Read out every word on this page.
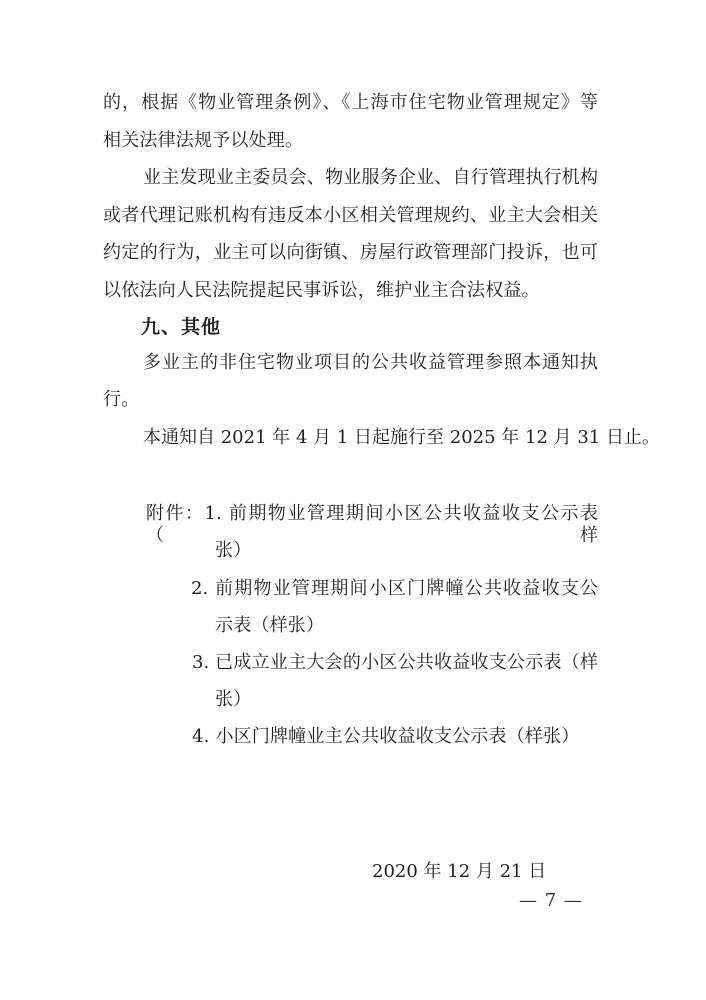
的，根据《物业管理条例》、《上海市住宅物业管理规定》等
相关法律法规予以处理。
业主发现业主委员会、物业服务企业、自行管理执行机构
或者代理记账机构有违反本小区相关管理规约、业主大会相关
约定的行为，业主可以向街镇、房屋行政管理部门投诉，也可
以依法向人民法院提起民事诉讼，维护业主合法权益。
九、其他
多业主的非住宅物业项目的公共收益管理参照本通知执
行。
本通知自 2021 年 4 月 1 日起施行至 2025 年 12 月 31 日止。
附件：1. 前期物业管理期间小区公共收益收支公示表（样
张）
2. 前期物业管理期间小区门牌幢公共收益收支公
示表（样张）
3. 已成立业主大会的小区公共收益收支公示表（样
张）
4. 小区门牌幢业主公共收益收支公示表（样张）
2020 年 12 月 21 日
— 7 —
